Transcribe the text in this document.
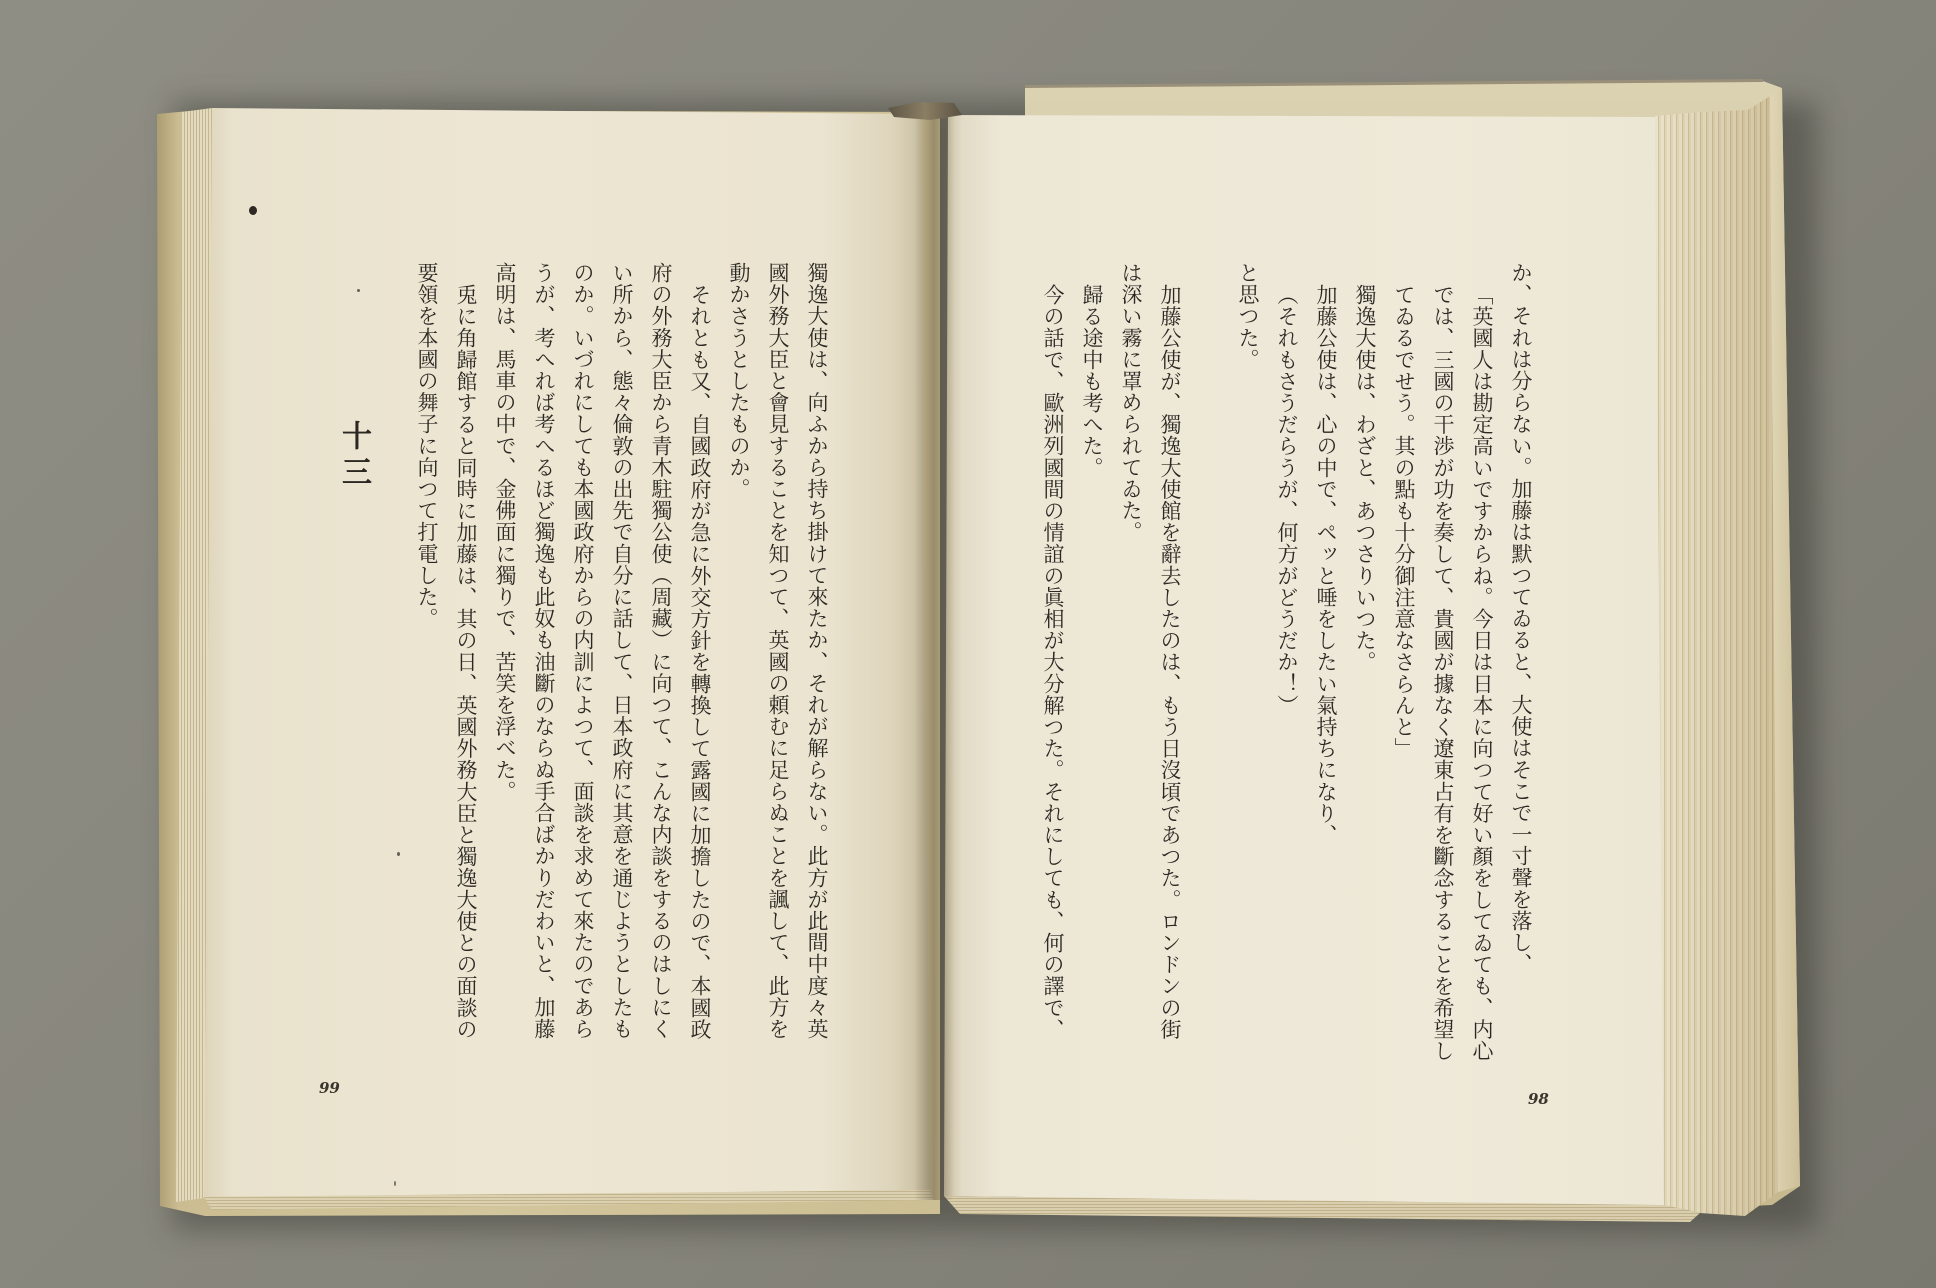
か、それは分らない。加藤は默つてゐると、大使はそこで一寸聲を落し、

「英國人は勘定高いですからね。今日は日本に向つて好い顏をしてゐても、内心

では、三國の干渉が功を奏して、貴國が據なく遼東占有を斷念することを希望し

てゐるでせう。其の點も十分御注意なさらんと」

獨逸大使は、わざと、あつさりいつた。

加藤公使は、心の中で、ペッと唾をしたい氣持ちになり、

（それもさうだらうが、何方がどうだか！）

と思つた。

加藤公使が、獨逸大使館を辭去したのは、もう日沒頃であつた。ロンドンの街

は深い霧に罩められてゐた。

歸る途中も考へた。

今の話で、歐洲列國間の情誼の眞相が大分解つた。それにしても、何の譯で、

98

獨逸大使は、向ふから持ち掛けて來たか、それが解らない。此方が此間中度々英

國外務大臣と會見することを知つて、英國の頼むに足らぬことを諷して、此方を

動かさうとしたものか。

それとも又、自國政府が急に外交方針を轉換して露國に加擔したので、本國政

府の外務大臣から青木駐獨公使（周藏）に向つて、こんな内談をするのはしにく

い所から、態々倫敦の出先で自分に話して、日本政府に其意を通じようとしたも

のか。いづれにしても本國政府からの内訓によつて、面談を求めて來たのであら

うが、考へれば考へるほど獨逸も此奴も油斷のならぬ手合ばかりだわいと、加藤

高明は、馬車の中で、金佛面に獨りで、苦笑を浮べた。

兎に角歸館すると同時に加藤は、其の日、英國外務大臣と獨逸大使との面談の

要領を本國の舞子に向つて打電した。

十三
99
